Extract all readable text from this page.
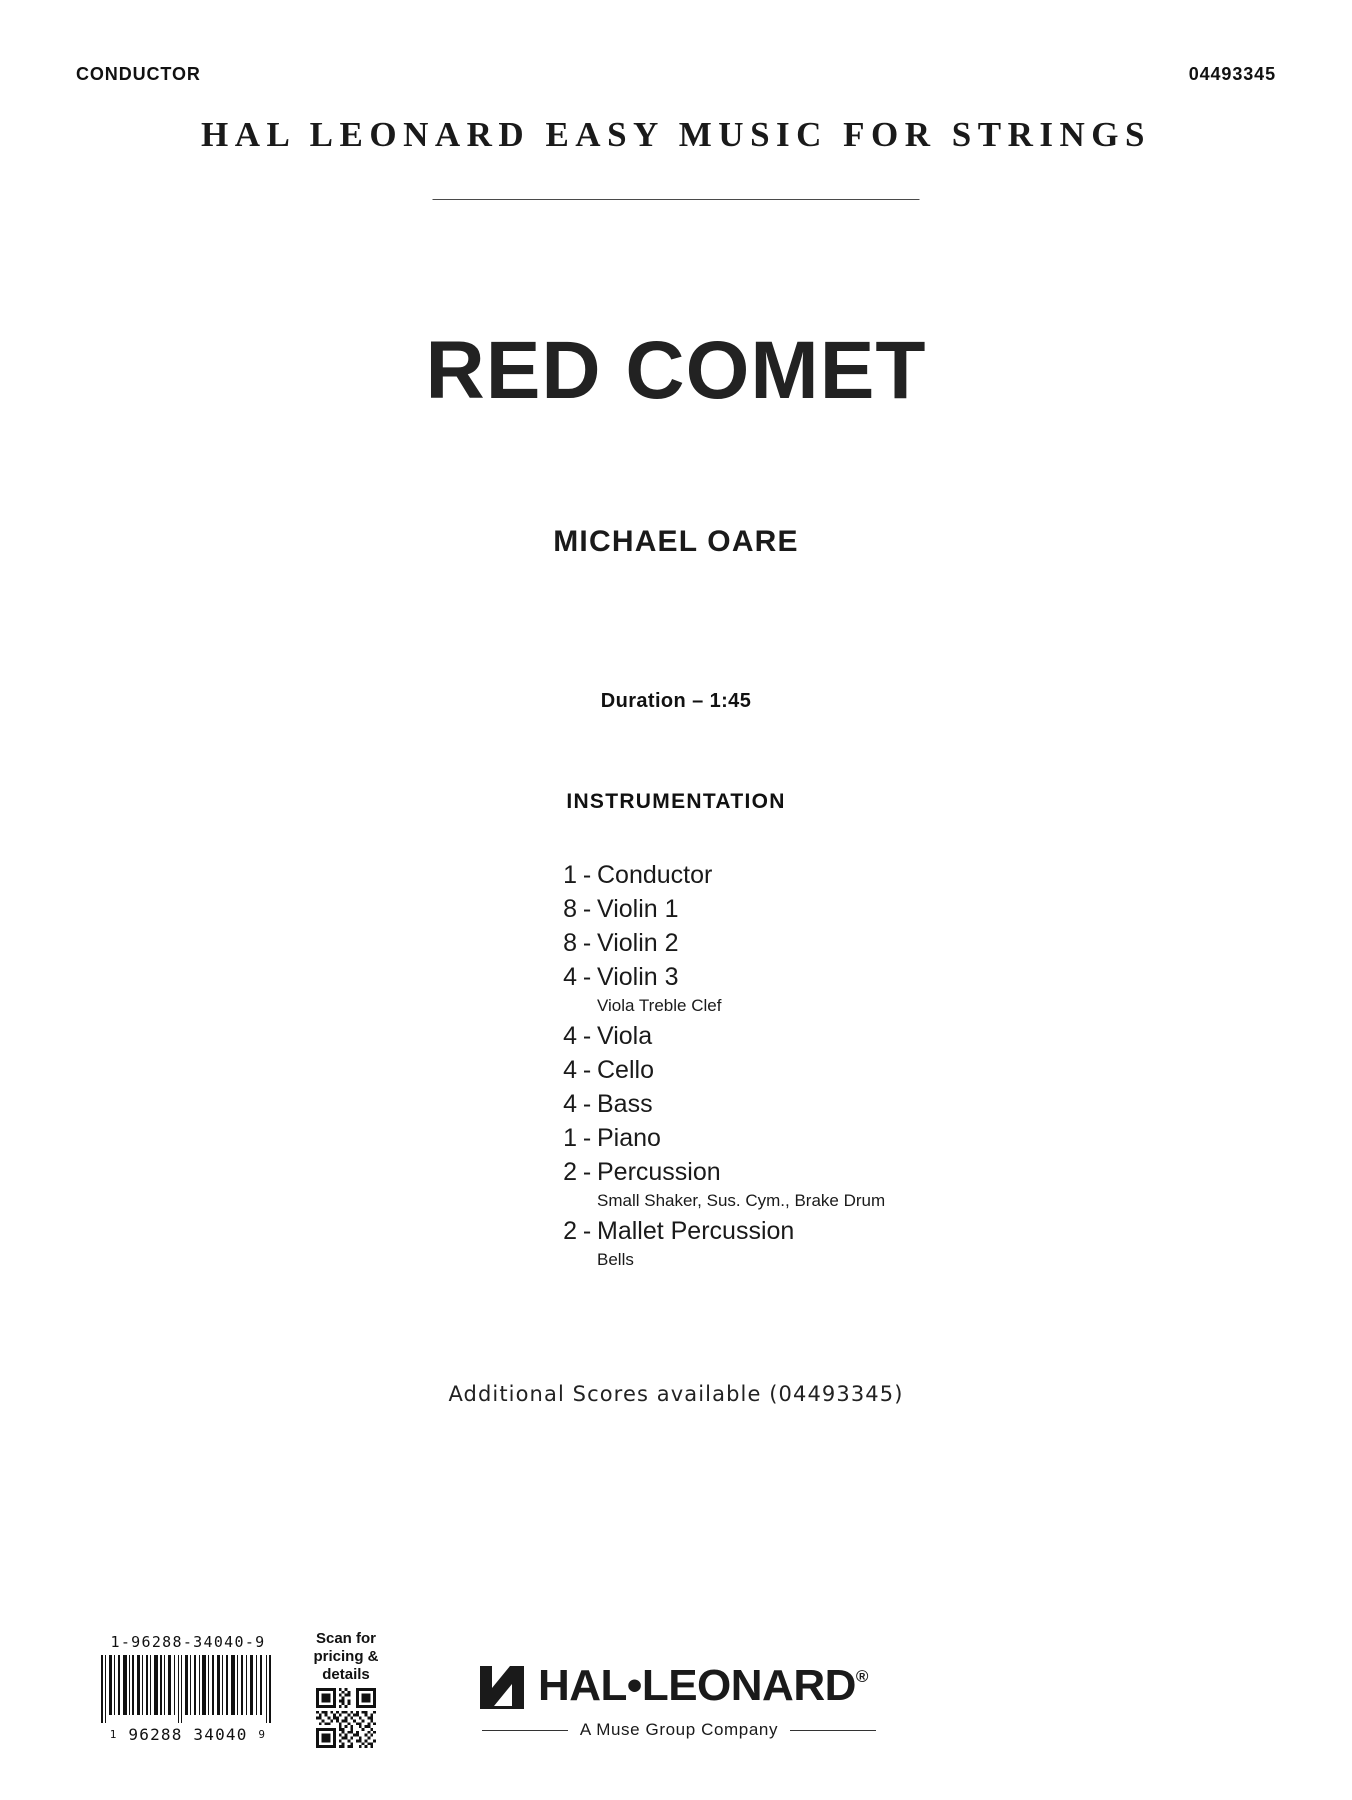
CONDUCTOR	04493345
HAL LEONARD EASY MUSIC FOR STRINGS
RED COMET
MICHAEL OARE
Duration – 1:45
INSTRUMENTATION
1 - Conductor
8 - Violin 1
8 - Violin 2
4 - Violin 3
Viola Treble Clef
4 - Viola
4 - Cello
4 - Bass
1 - Piano
2 - Percussion
Small Shaker, Sus. Cym., Brake Drum
2 - Mallet Percussion
Bells
Additional Scores available (04493345)
1-96288-34040-9
1 96288 34040 9
Scan for
pricing &
details	HAL•LEONARD®
A Muse Group Company
